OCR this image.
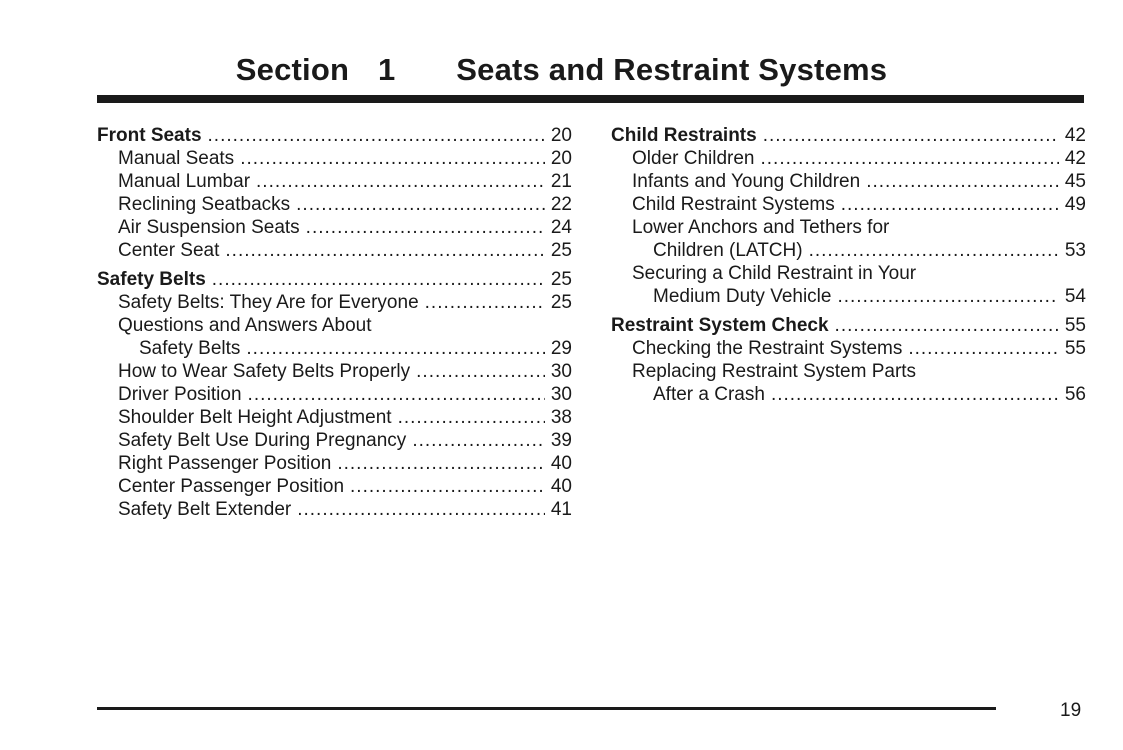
Section 1 Seats and Restraint Systems
Front Seats .....	20
Manual Seats .....	20
Manual Lumbar .....	21
Reclining Seatbacks .....	22
Air Suspension Seats .....	24
Center Seat .....	25
Safety Belts .....	25
Safety Belts: They Are for Everyone .....	25
Questions and Answers About
Safety Belts .....	29
How to Wear Safety Belts Properly .....	30
Driver Position .....	30
Shoulder Belt Height Adjustment .....	38
Safety Belt Use During Pregnancy .....	39
Right Passenger Position .....	40
Center Passenger Position .....	40
Safety Belt Extender .....	41
Child Restraints .....	42
Older Children .....	42
Infants and Young Children .....	45
Child Restraint Systems .....	49
Lower Anchors and Tethers for
Children (LATCH) .....	53
Securing a Child Restraint in Your
Medium Duty Vehicle .....	54
Restraint System Check .....	55
Checking the Restraint Systems .....	55
Replacing Restraint System Parts
After a Crash .....	56
19
